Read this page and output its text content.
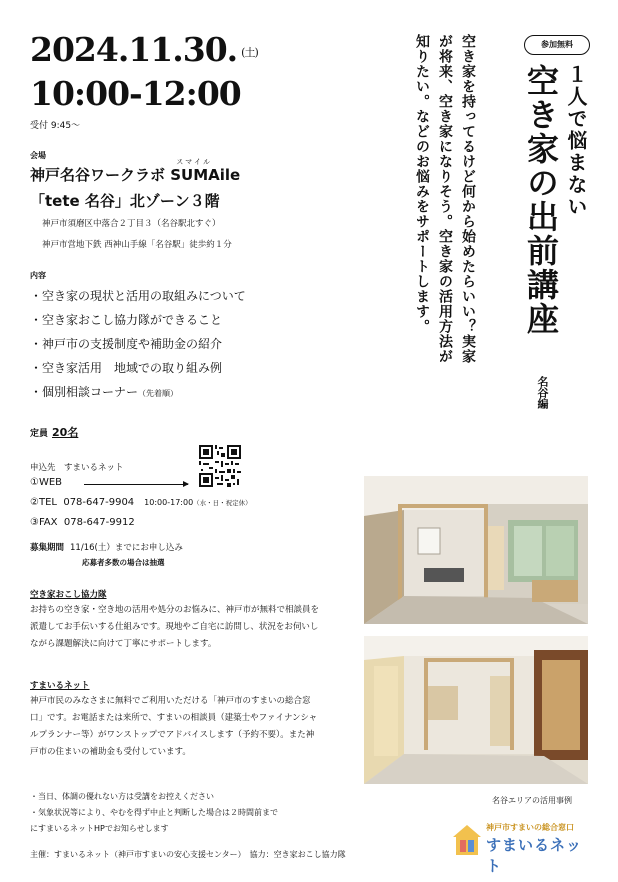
2024.11.30. (土)
10:00-12:00
受付 9:45〜
会場
神戸名谷ワークラボ
スマイル
SUMAile
「tete 名谷」北ゾーン３階
神戸市須磨区中落合２丁目３（名谷駅北すぐ）
神戸市営地下鉄 西神山手線「名谷駅」徒歩約１分
内容
・空き家の現状と活用の取組みについて
・空き家おこし協力隊ができること
・神戸市の支援制度や補助金の紹介
・空き家活用　地域での取り組み例
・個別相談コーナー（先着順）
定員 20名
申込先　すまいるネット
①WEB
②TEL 078-647-9904 10:00-17:00（水・日・祝定休）
③FAX 078-647-9912
募集期間 11/16(土）までにお申し込み
応募者多数の場合は抽選
空き家おこし協力隊
お持ちの空き家・空き地の活用や処分のお悩みに、神戸市が無料で相談員を派遣してお手伝いする仕組みです。現地やご自宅に訪問し、状況をお伺いしながら課題解決に向けて丁寧にサポートします。
すまいるネット
神戸市民のみなさまに無料でご利用いただける「神戸市のすまいの総合窓口」です。お電話または来所で、すまいの相談員（建築士やファイナンシャルプランナー等）がワンストップでアドバイスします（予約不要）。また神戸市の住まいの補助金も受付しています。
・当日、体調の優れない方は受講をお控えください
・気象状況等により、やむを得ず中止と判断した場合は２時間前まで
にすまいるネットHPでお知らせします
主催：すまいるネット（神戸市すまいの安心支援センター）　協力：空き家おこし協力隊
参加無料
１人で悩まない
空き家の出前講座
名谷編
空き家を持ってるけど何から始めたらいい？実家が将来、空き家になりそう。空き家の活用方法が知りたい。などのお悩みをサポートします。
名谷エリアの活用事例
神戸市すまいの総合窓口
すまいるネット
